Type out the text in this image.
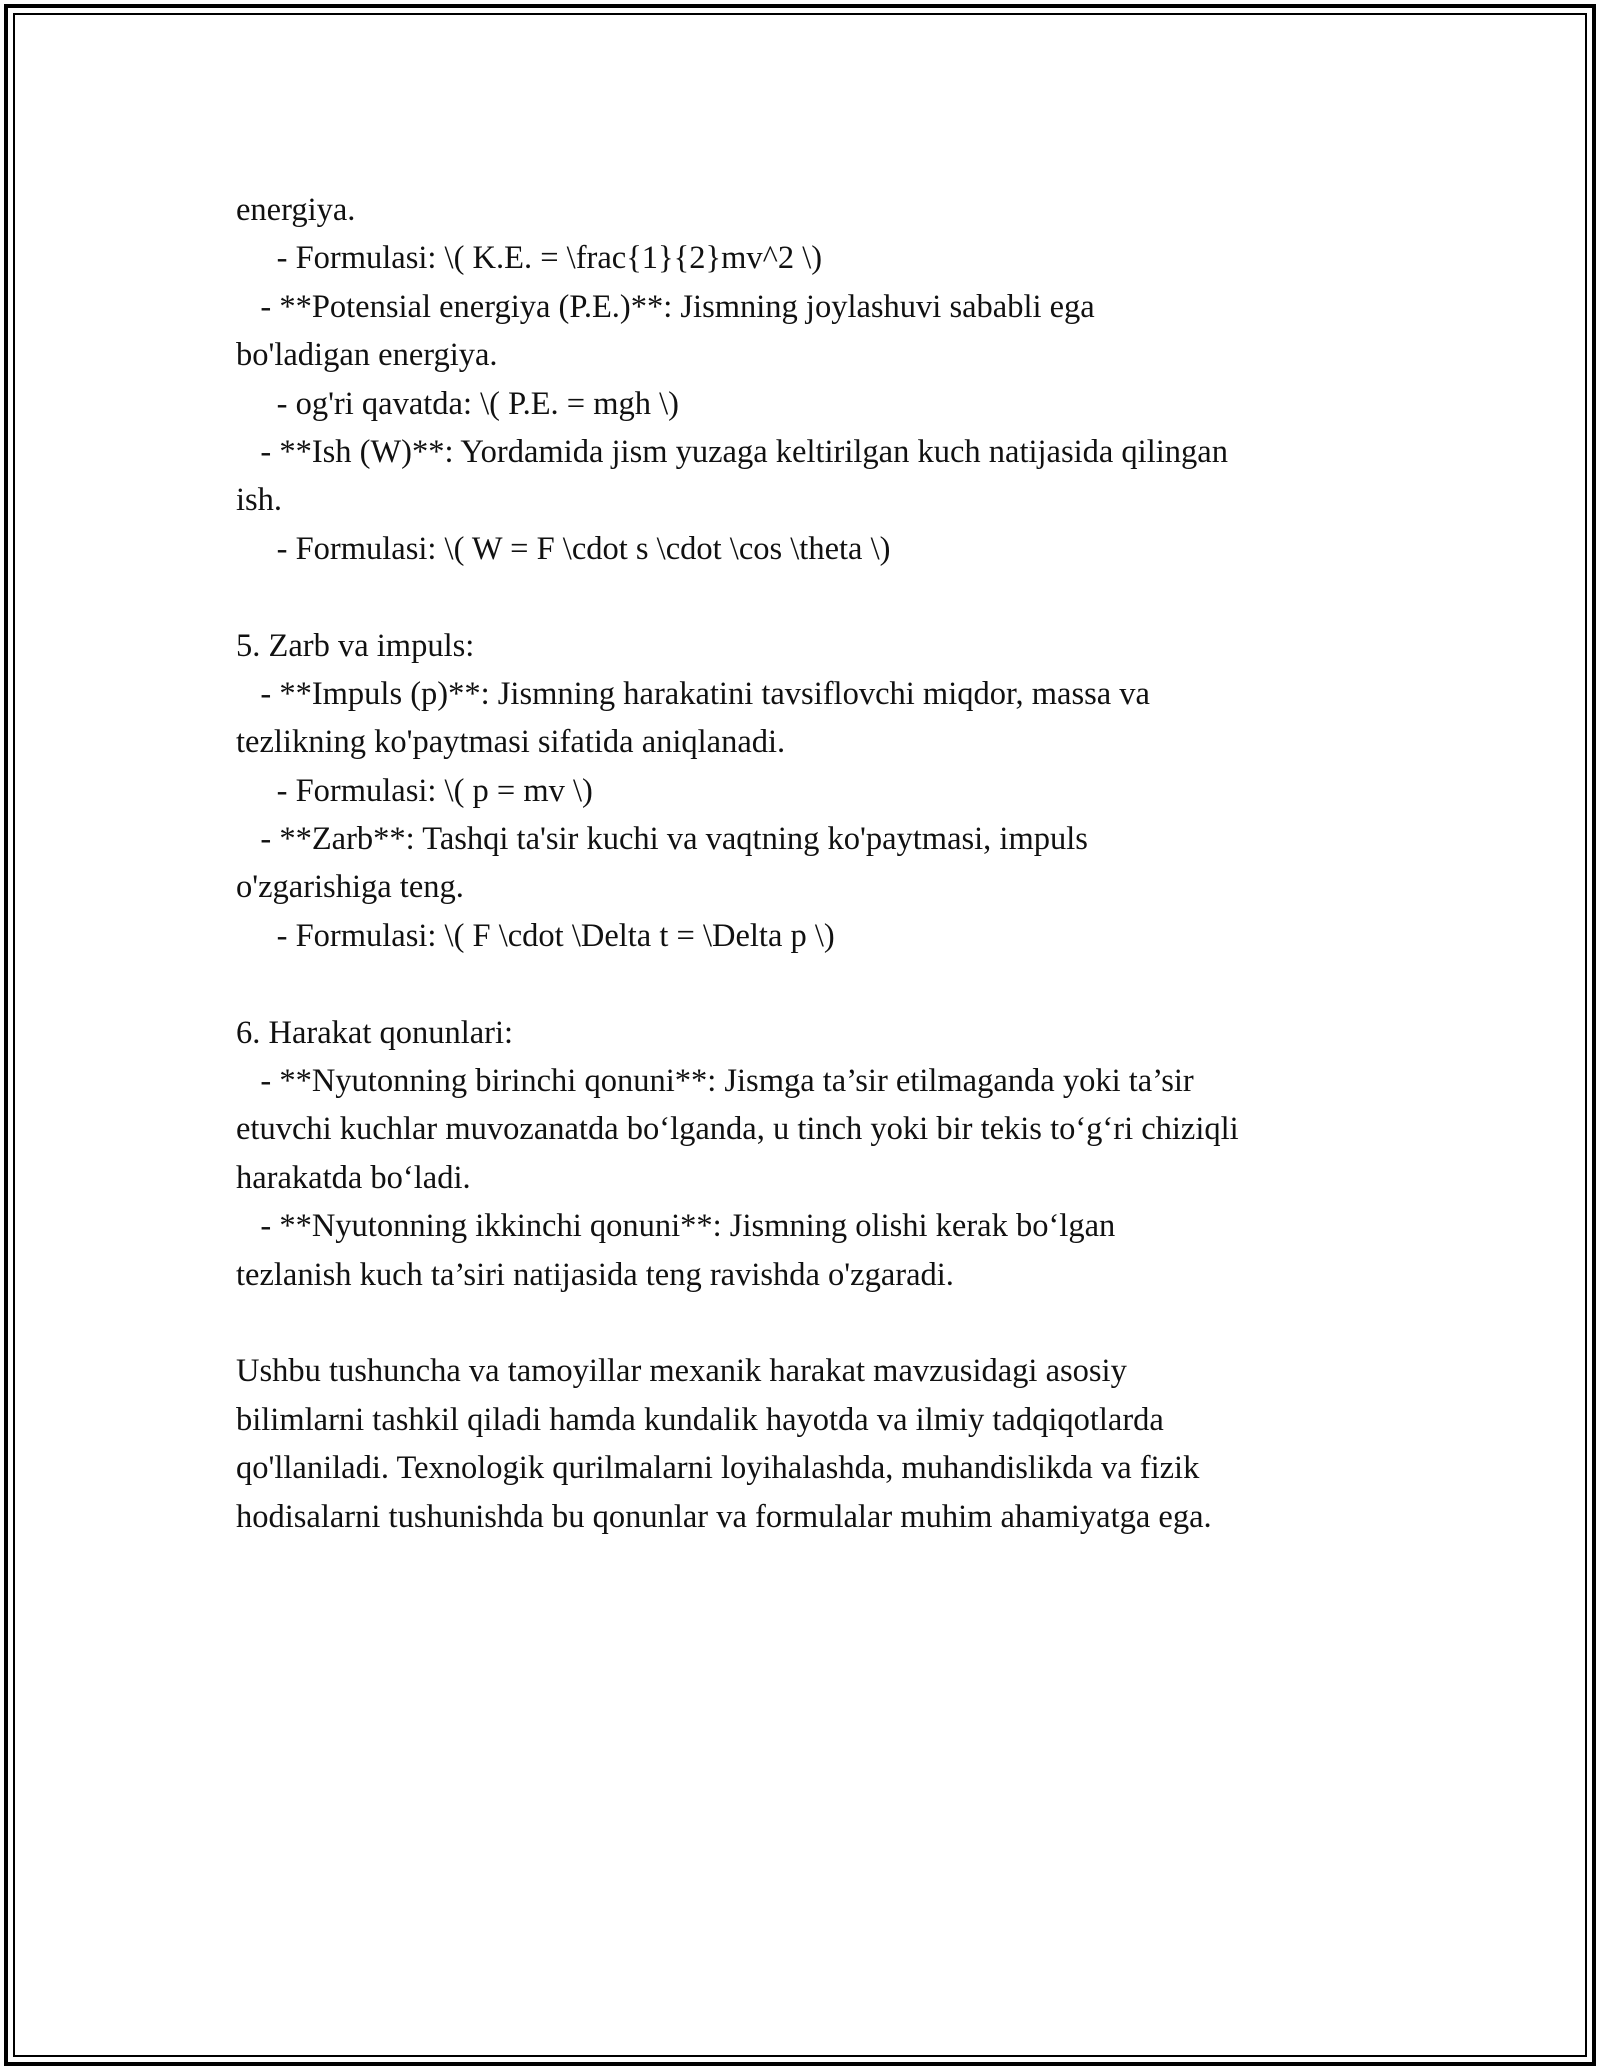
energiya.
- Formulasi: \( K.E. = \frac{1}{2}mv^2 \)
- **Potensial energiya (P.E.)**: Jismning joylashuvi sababli ega
bo'ladigan energiya.
- og'ri qavatda: \( P.E. = mgh \)
- **Ish (W)**: Yordamida jism yuzaga keltirilgan kuch natijasida qilingan
ish.
- Formulasi: \( W = F \cdot s \cdot \cos \theta \)
5. Zarb va impuls:
- **Impuls (p)**: Jismning harakatini tavsiflovchi miqdor, massa va
tezlikning ko'paytmasi sifatida aniqlanadi.
- Formulasi: \( p = mv \)
- **Zarb**: Tashqi ta'sir kuchi va vaqtning ko'paytmasi, impuls
o'zgarishiga teng.
- Formulasi: \( F \cdot \Delta t = \Delta p \)
6. Harakat qonunlari:
- **Nyutonning birinchi qonuni**: Jismga ta’sir etilmaganda yoki ta’sir
etuvchi kuchlar muvozanatda bo‘lganda, u tinch yoki bir tekis to‘g‘ri chiziqli
harakatda bo‘ladi.
- **Nyutonning ikkinchi qonuni**: Jismning olishi kerak bo‘lgan
tezlanish kuch ta’siri natijasida teng ravishda o'zgaradi.
Ushbu tushuncha va tamoyillar mexanik harakat mavzusidagi asosiy
bilimlarni tashkil qiladi hamda kundalik hayotda va ilmiy tadqiqotlarda
qo'llaniladi. Texnologik qurilmalarni loyihalashda, muhandislikda va fizik
hodisalarni tushunishda bu qonunlar va formulalar muhim ahamiyatga ega.
